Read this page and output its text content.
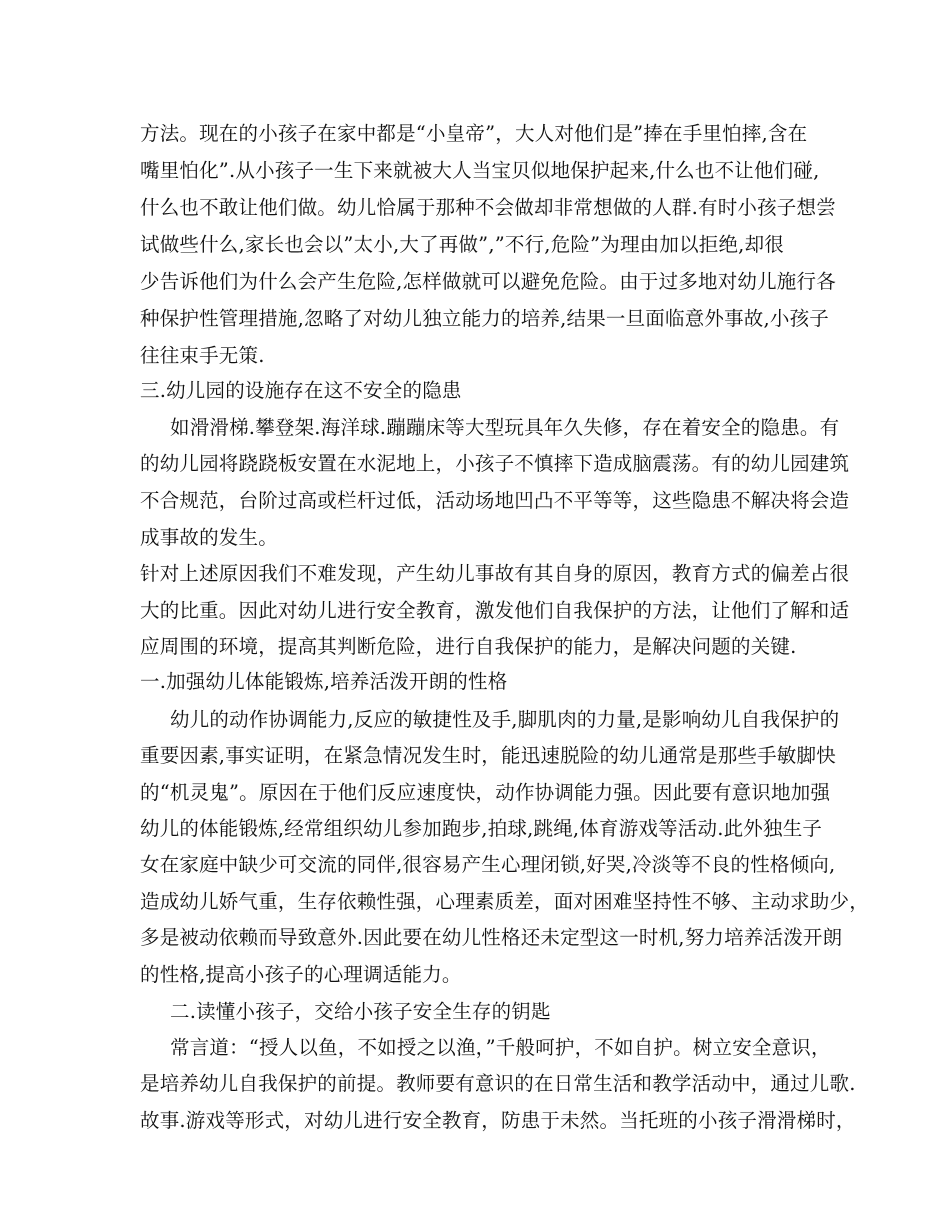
方法。现在的小孩子在家中都是“小皇帝”，大人对他们是”捧在手里怕摔,含在
嘴里怕化”.从小孩子一生下来就被大人当宝贝似地保护起来,什么也不让他们碰,
什么也不敢让他们做。幼儿恰属于那种不会做却非常想做的人群.有时小孩子想尝
试做些什么,家长也会以”太小,大了再做”,”不行,危险”为理由加以拒绝,却很
少告诉他们为什么会产生危险,怎样做就可以避免危险。由于过多地对幼儿施行各
种保护性管理措施,忽略了对幼儿独立能力的培养,结果一旦面临意外事故,小孩子
往往束手无策.
三.幼儿园的设施存在这不安全的隐患
如滑滑梯.攀登架.海洋球.蹦蹦床等大型玩具年久失修，存在着安全的隐患。有
的幼儿园将跷跷板安置在水泥地上，小孩子不慎摔下造成脑震荡。有的幼儿园建筑
不合规范，台阶过高或栏杆过低，活动场地凹凸不平等等，这些隐患不解决将会造
成事故的发生。
针对上述原因我们不难发现，产生幼儿事故有其自身的原因，教育方式的偏差占很
大的比重。因此对幼儿进行安全教育，激发他们自我保护的方法，让他们了解和适
应周围的环境，提高其判断危险，进行自我保护的能力，是解决问题的关键.
一.加强幼儿体能锻炼,培养活泼开朗的性格
幼儿的动作协调能力,反应的敏捷性及手,脚肌肉的力量,是影响幼儿自我保护的
重要因素,事实证明，在紧急情况发生时，能迅速脱险的幼儿通常是那些手敏脚快
的“机灵鬼”。原因在于他们反应速度快，动作协调能力强。因此要有意识地加强
幼儿的体能锻炼,经常组织幼儿参加跑步,拍球,跳绳,体育游戏等活动.此外独生子
女在家庭中缺少可交流的同伴,很容易产生心理闭锁,好哭,冷淡等不良的性格倾向,
造成幼儿娇气重，生存依赖性强，心理素质差，面对困难坚持性不够、主动求助少，
多是被动依赖而导致意外.因此要在幼儿性格还未定型这一时机,努力培养活泼开朗
的性格,提高小孩子的心理调适能力。
二.读懂小孩子，交给小孩子安全生存的钥匙
常言道：“授人以鱼，不如授之以渔，”千般呵护，不如自护。树立安全意识，
是培养幼儿自我保护的前提。教师要有意识的在日常生活和教学活动中，通过儿歌.
故事.游戏等形式，对幼儿进行安全教育，防患于未然。当托班的小孩子滑滑梯时，
